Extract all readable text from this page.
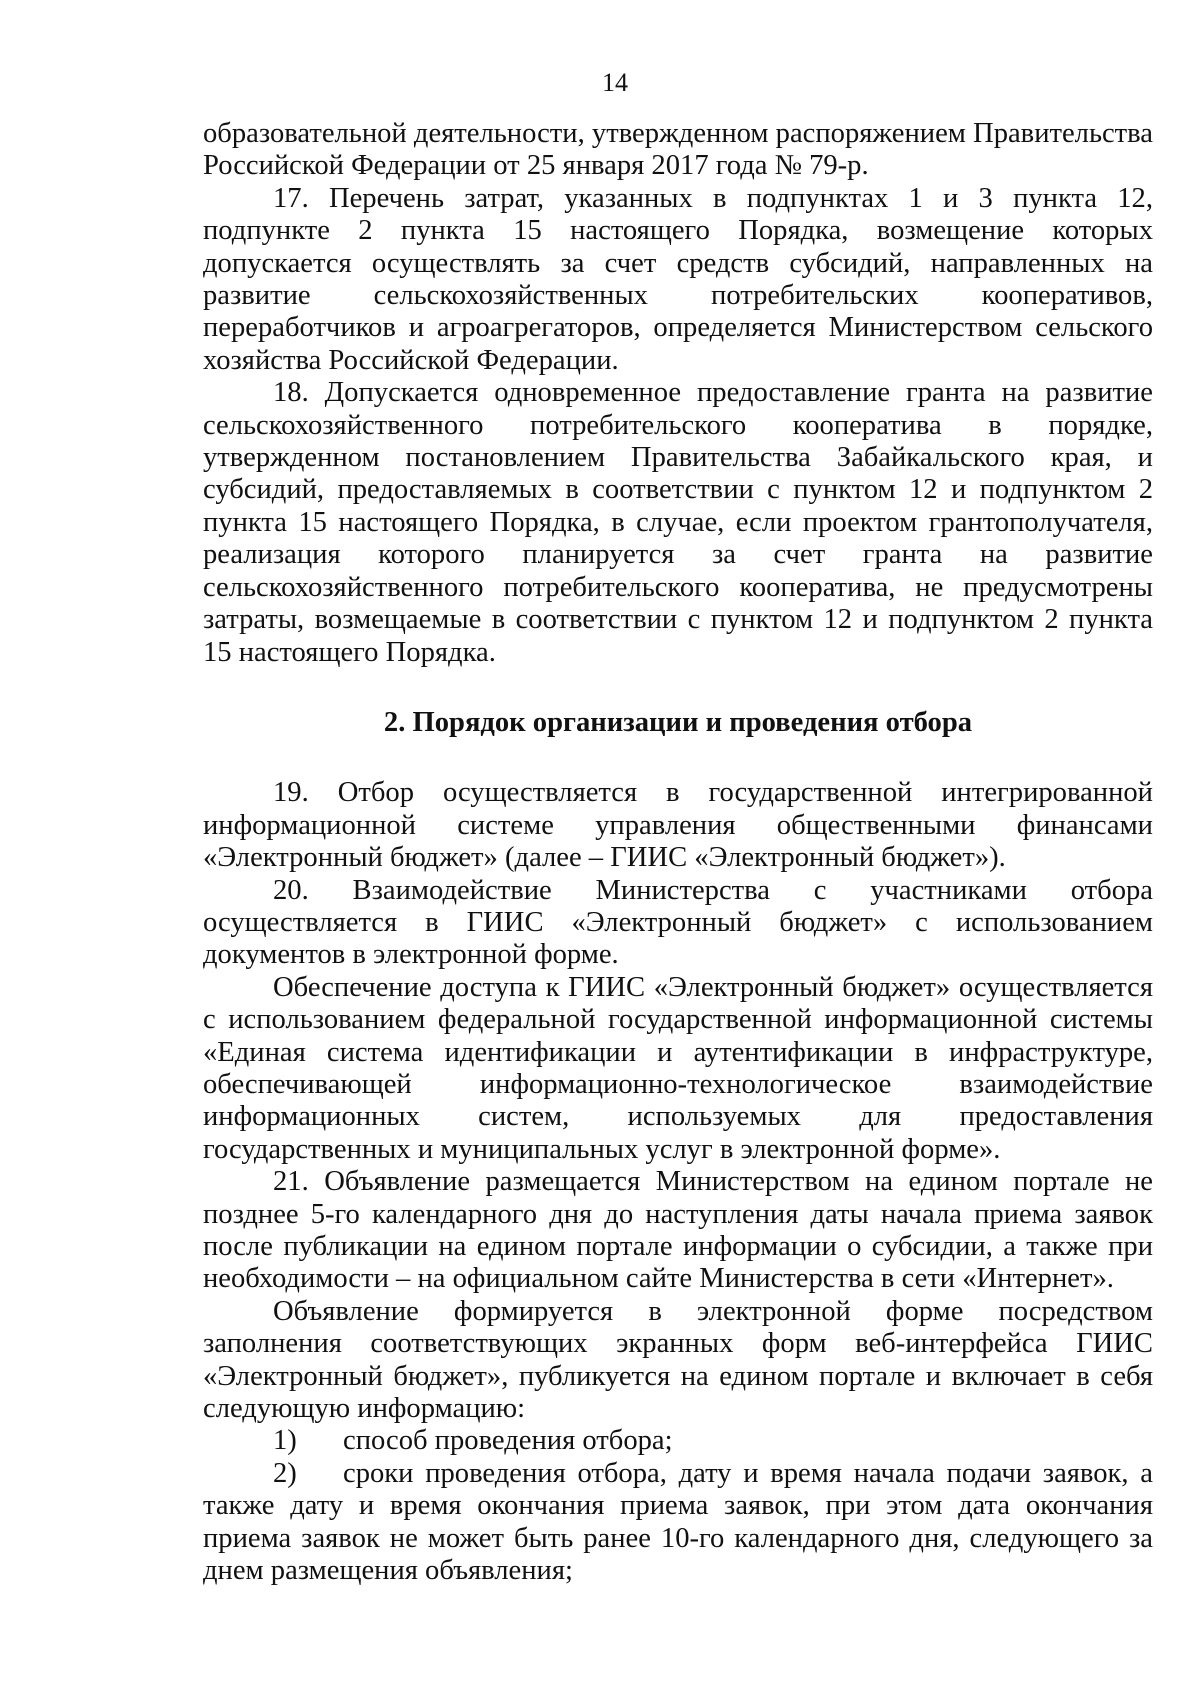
14

образовательной деятельности, утвержденном распоряжением Правительства Российской Федерации от 25 января 2017 года № 79-р.

17. Перечень затрат, указанных в подпунктах 1 и 3 пункта 12, подпункте 2 пункта 15 настоящего Порядка, возмещение которых допускается осуществлять за счет средств субсидий, направленных на развитие сельскохозяйственных потребительских кооперативов, переработчиков и агроагрегаторов, определяется Министерством сельского хозяйства Российской Федерации.

18. Допускается одновременное предоставление гранта на развитие сельскохозяйственного потребительского кооператива в порядке, утвержденном постановлением Правительства Забайкальского края, и субсидий, предоставляемых в соответствии с пунктом 12 и подпунктом 2 пункта 15 настоящего Порядка, в случае, если проектом грантополучателя, реализация которого планируется за счет гранта на развитие сельскохозяйственного потребительского кооператива, не предусмотрены затраты, возмещаемые в соответствии с пунктом 12 и подпунктом 2 пункта 15 настоящего Порядка.

2. Порядок организации и проведения отбора

19. Отбор осуществляется в государственной интегрированной информационной системе управления общественными финансами «Электронный бюджет» (далее – ГИИС «Электронный бюджет»).

20. Взаимодействие Министерства с участниками отбора осуществляется в ГИИС «Электронный бюджет» с использованием документов в электронной форме.

Обеспечение доступа к ГИИС «Электронный бюджет» осуществляется с использованием федеральной государственной информационной системы «Единая система идентификации и аутентификации в инфраструктуре, обеспечивающей информационно-технологическое взаимодействие информационных систем, используемых для предоставления государственных и муниципальных услуг в электронной форме».

21. Объявление размещается Министерством на едином портале не позднее 5-го календарного дня до наступления даты начала приема заявок после публикации на едином портале информации о субсидии, а также при необходимости – на официальном сайте Министерства в сети «Интернет».

Объявление формируется в электронной форме посредством заполнения соответствующих экранных форм веб-интерфейса ГИИС «Электронный бюджет», публикуется на едином портале и включает в себя следующую информацию:

1) способ проведения отбора;

2) сроки проведения отбора, дату и время начала подачи заявок, а также дату и время окончания приема заявок, при этом дата окончания приема заявок не может быть ранее 10-го календарного дня, следующего за днем размещения объявления;
